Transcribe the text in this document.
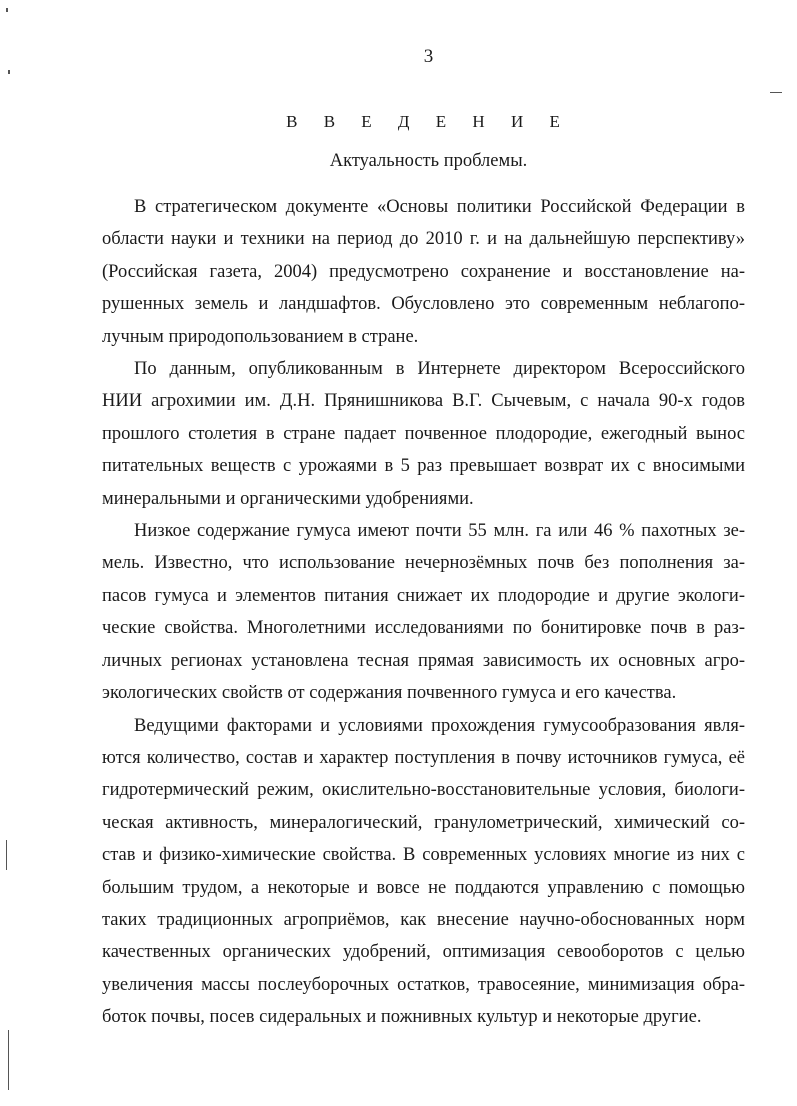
3
В В Е Д Е Н И Е
Актуальность проблемы.
В стратегическом документе «Основы политики Российской Федерации в
области науки и техники на период до 2010 г. и на дальнейшую перспективу»
(Российская газета, 2004) предусмотрено сохранение и восстановление на-
рушенных земель и ландшафтов. Обусловлено это современным неблагопо-
лучным природопользованием в стране.
По данным, опубликованным в Интернете директором Всероссийского
НИИ агрохимии им. Д.Н. Прянишникова В.Г. Сычевым, с начала 90-х годов
прошлого столетия в стране падает почвенное плодородие, ежегодный вынос
питательных веществ с урожаями в 5 раз превышает возврат их с вносимыми
минеральными и органическими удобрениями.
Низкое содержание гумуса имеют почти 55 млн. га или 46 % пахотных зе-
мель. Известно, что использование нечернозёмных почв без пополнения за-
пасов гумуса и элементов питания снижает их плодородие и другие экологи-
ческие свойства. Многолетними исследованиями по бонитировке почв в раз-
личных регионах установлена тесная прямая зависимость их основных агро-
экологических свойств от содержания почвенного гумуса и его качества.
Ведущими факторами и условиями прохождения гумусообразования явля-
ются количество, состав и характер поступления в почву источников гумуса, её
гидротермический режим, окислительно-восстановительные условия, биологи-
ческая активность, минералогический, гранулометрический, химический со-
став и физико-химические свойства. В современных условиях многие из них с
большим трудом, а некоторые и вовсе не поддаются управлению с помощью
таких традиционных агроприёмов, как внесение научно-обоснованных норм
качественных органических удобрений, оптимизация севооборотов с целью
увеличения массы послеуборочных остатков, травосеяние, минимизация обра-
боток почвы, посев сидеральных и пожнивных культур и некоторые другие.
